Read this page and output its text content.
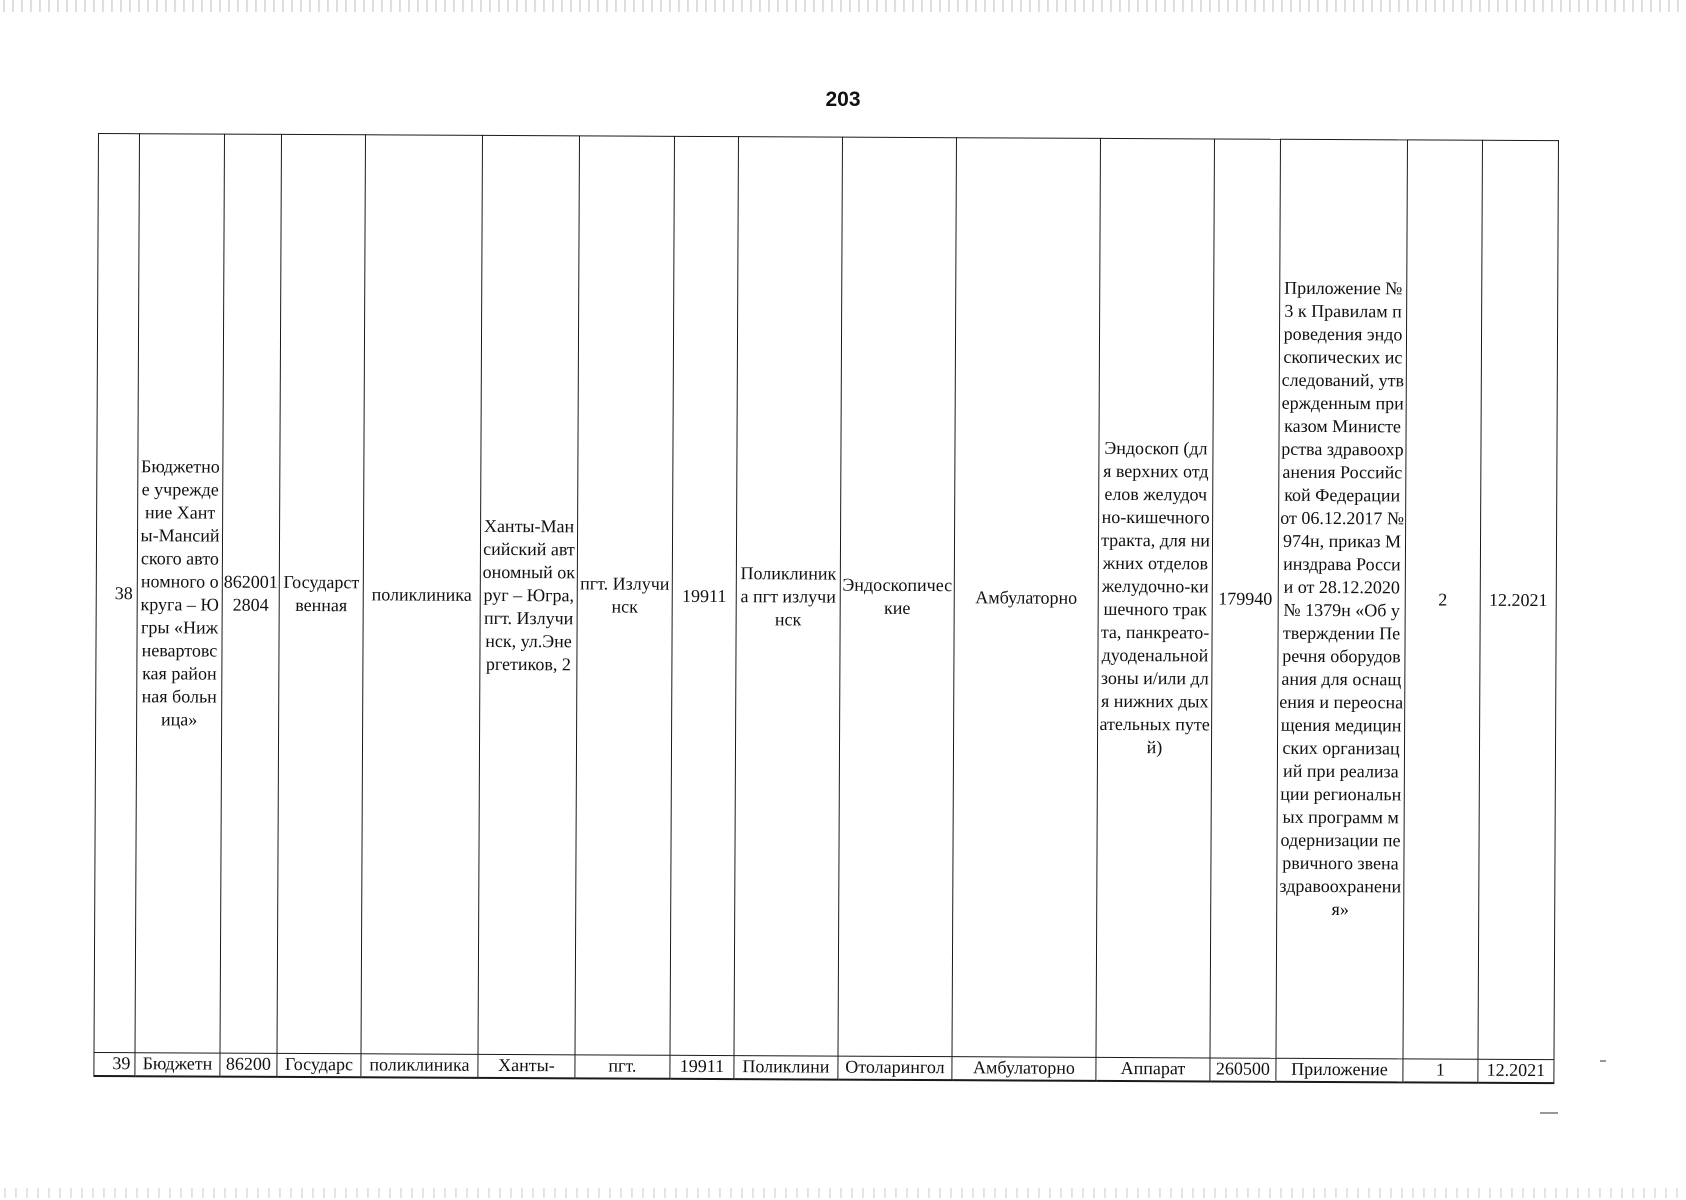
203
38	Бюджетное учреждение Ханты-Мансийского автономного округа – Югры «Нижневартовская районная больница»	8620012804	Государственная	поликлиника	Ханты-Мансийский автономный округ – Югра, пгт. Излучинск, ул.Энергетиков, 2	пгт. Излучинск	19911	Поликлиника пгт излучинск	Эндоскопические	Амбулаторно	Эндоскоп (для верхних отделов желудочно-кишечного тракта, для нижних отделов желудочно-кишечного тракта, панкреато-дуоденальной зоны и/или для нижних дыхательных путей)	179940	Приложение № 3 к Правилам проведения эндоскопических исследований, утвержденным приказом Министерства здравоохранения Российской Федерации от 06.12.2017 № 974н, приказ Минздрава России от 28.12.2020 № 1379н «Об утверждении Перечня оборудования для оснащения и переоснащения медицинских организаций при реализации региональных программ модернизации первичного звена здравоохранения»	2	12.2021
39	Бюджетн	86200	Государс	поликлиника	Ханты-	пгт.	19911	Поликлини	Отоларингол	Амбулаторно	Аппарат	260500	Приложение	1	12.2021
